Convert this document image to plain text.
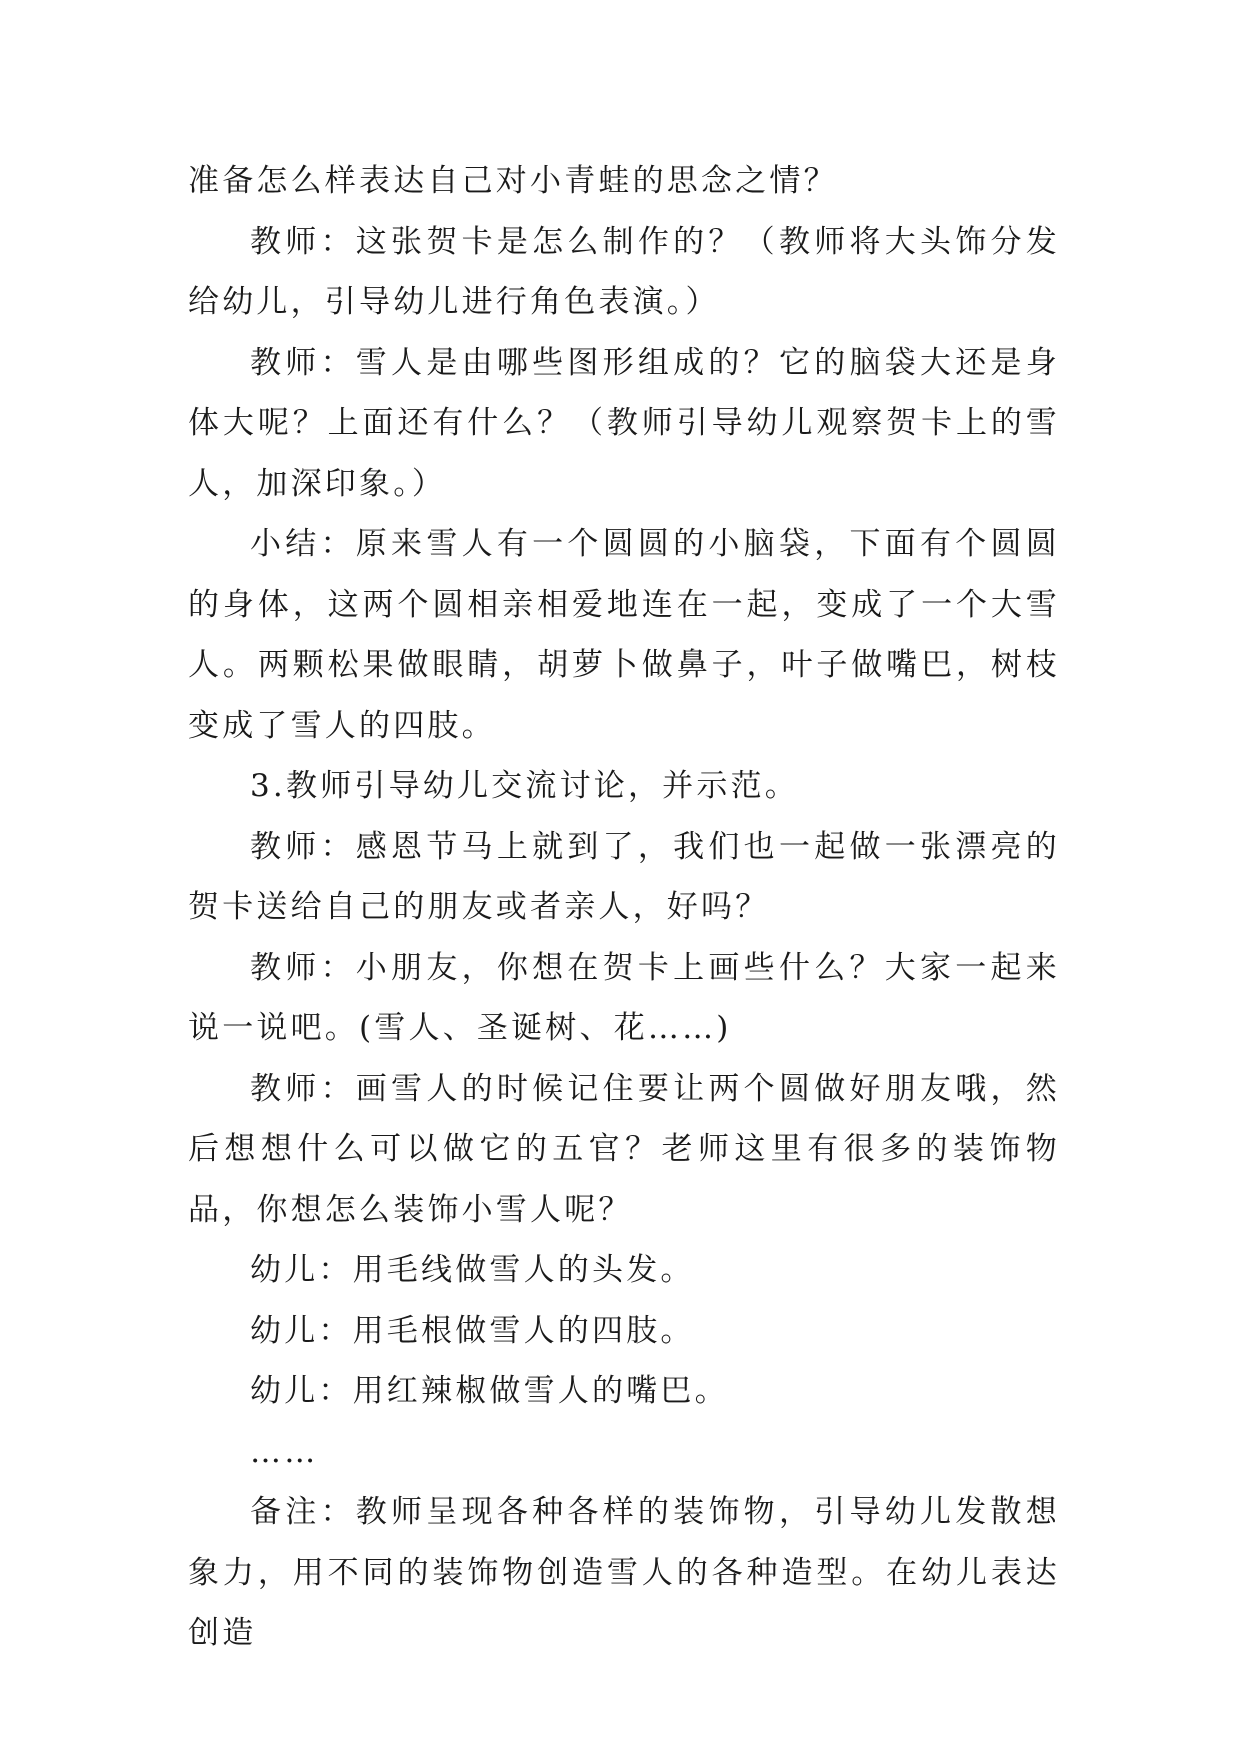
准备怎么样表达自己对小青蛙的思念之情？

教师：这张贺卡是怎么制作的？（教师将大头饰分发给幼儿，引导幼儿进行角色表演。）

教师：雪人是由哪些图形组成的？它的脑袋大还是身体大呢？上面还有什么？（教师引导幼儿观察贺卡上的雪人，加深印象。）

小结：原来雪人有一个圆圆的小脑袋，下面有个圆圆的身体，这两个圆相亲相爱地连在一起，变成了一个大雪人。两颗松果做眼睛，胡萝卜做鼻子，叶子做嘴巴，树枝变成了雪人的四肢。

3.教师引导幼儿交流讨论，并示范。

教师：感恩节马上就到了，我们也一起做一张漂亮的贺卡送给自己的朋友或者亲人，好吗？

教师：小朋友，你想在贺卡上画些什么？大家一起来说一说吧。(雪人、圣诞树、花……)

教师：画雪人的时候记住要让两个圆做好朋友哦，然后想想什么可以做它的五官？老师这里有很多的装饰物品，你想怎么装饰小雪人呢？

幼儿：用毛线做雪人的头发。

幼儿：用毛根做雪人的四肢。

幼儿：用红辣椒做雪人的嘴巴。

……

备注：教师呈现各种各样的装饰物，引导幼儿发散想象力，用不同的装饰物创造雪人的各种造型。在幼儿表达创造
